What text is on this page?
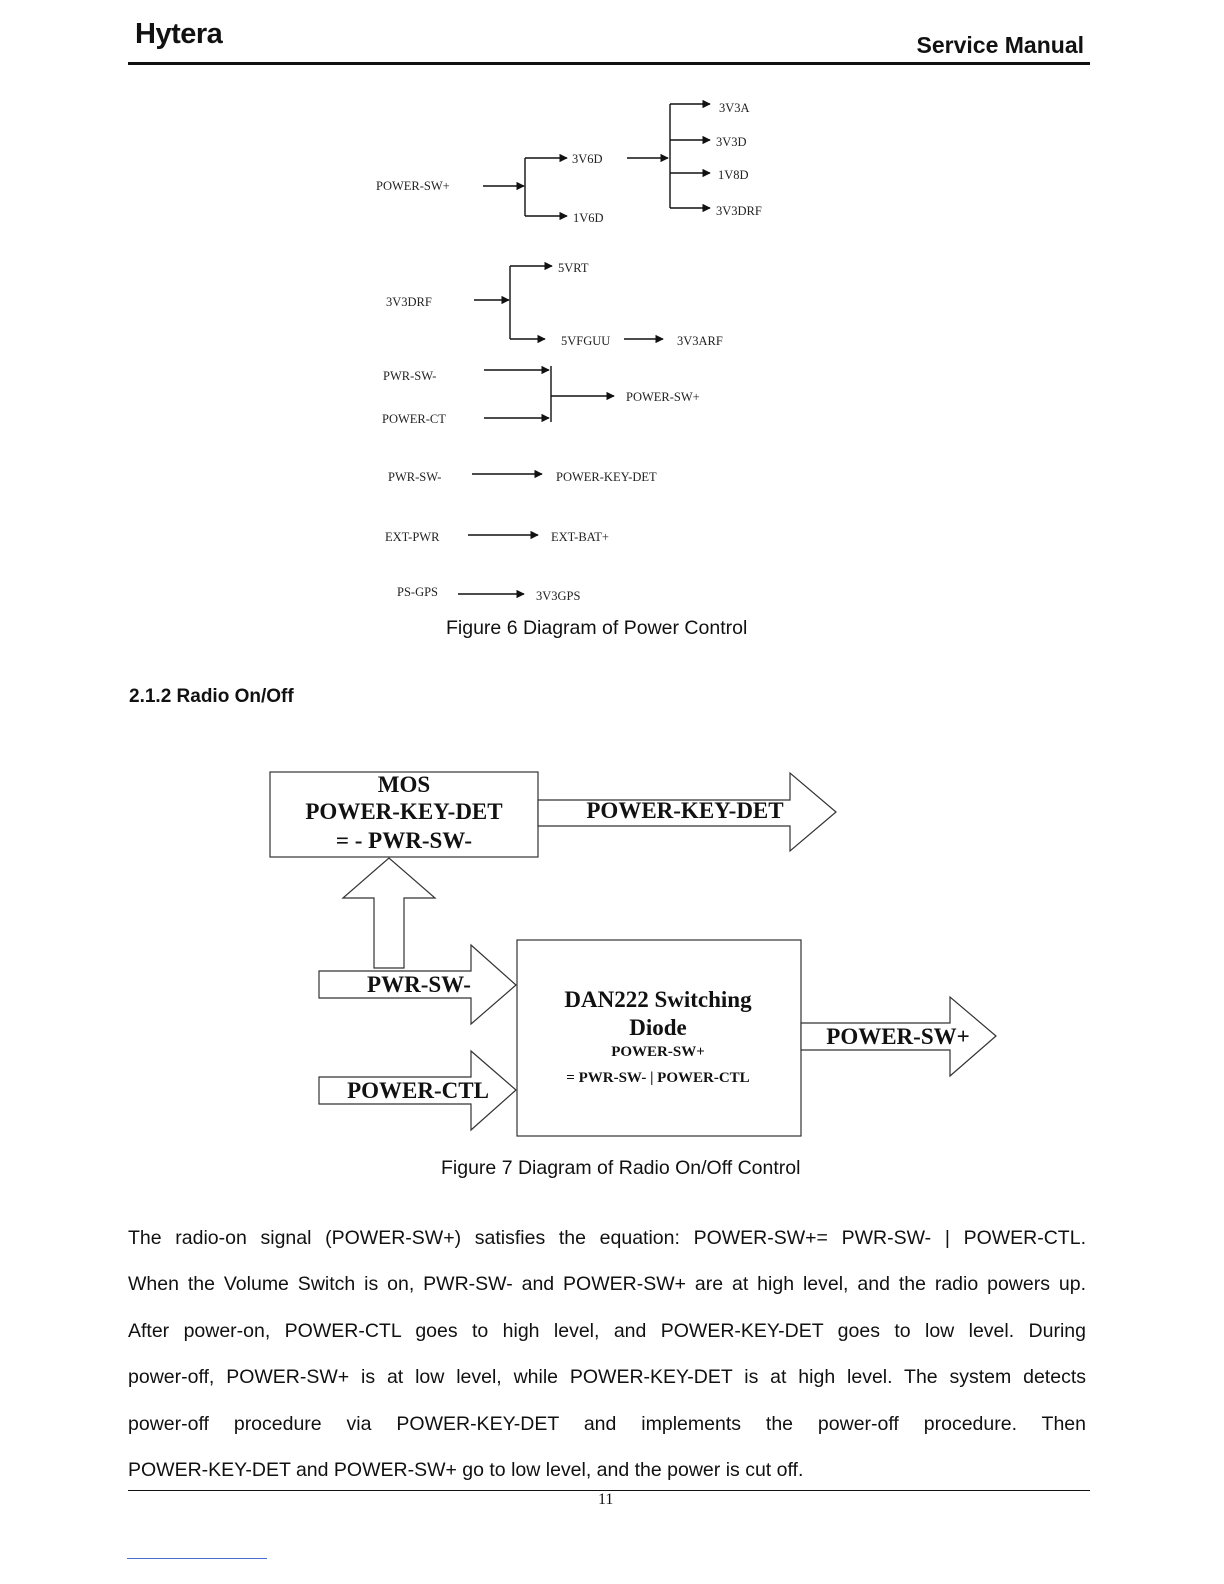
Hytera	Service Manual
POWER-SW+
3V6D
1V6D
3V3A
3V3D
1V8D
3V3DRF
3V3DRF
5VRT
5VFGUU	3V3ARF
PWR-SW-
POWER-CT
POWER-SW+
PWR-SW-	POWER-KEY-DET
EXT-PWR	EXT-BAT+
PS-GPS	3V3GPS
Figure 6 Diagram of Power Control
2.1.2 Radio On/Off
MOS
POWER-KEY-DET
= - PWR-SW-
POWER-KEY-DET
PWR-SW-
POWER-CTL
DAN222 Switching
Diode
POWER-SW+
= PWR-SW- | POWER-CTL
POWER-SW+
Figure 7 Diagram of Radio On/Off Control
The radio-on signal (POWER-SW+) satisfies the equation: POWER-SW+= PWR-SW- | POWER-CTL.
When the Volume Switch is on, PWR-SW- and POWER-SW+ are at high level, and the radio powers up.
After power-on, POWER-CTL goes to high level, and POWER-KEY-DET goes to low level. During
power-off, POWER-SW+ is at low level, while POWER-KEY-DET is at high level. The system detects
power-off procedure via POWER-KEY-DET and implements the power-off procedure. Then
POWER-KEY-DET and POWER-SW+ go to low level, and the power is cut off.
11
